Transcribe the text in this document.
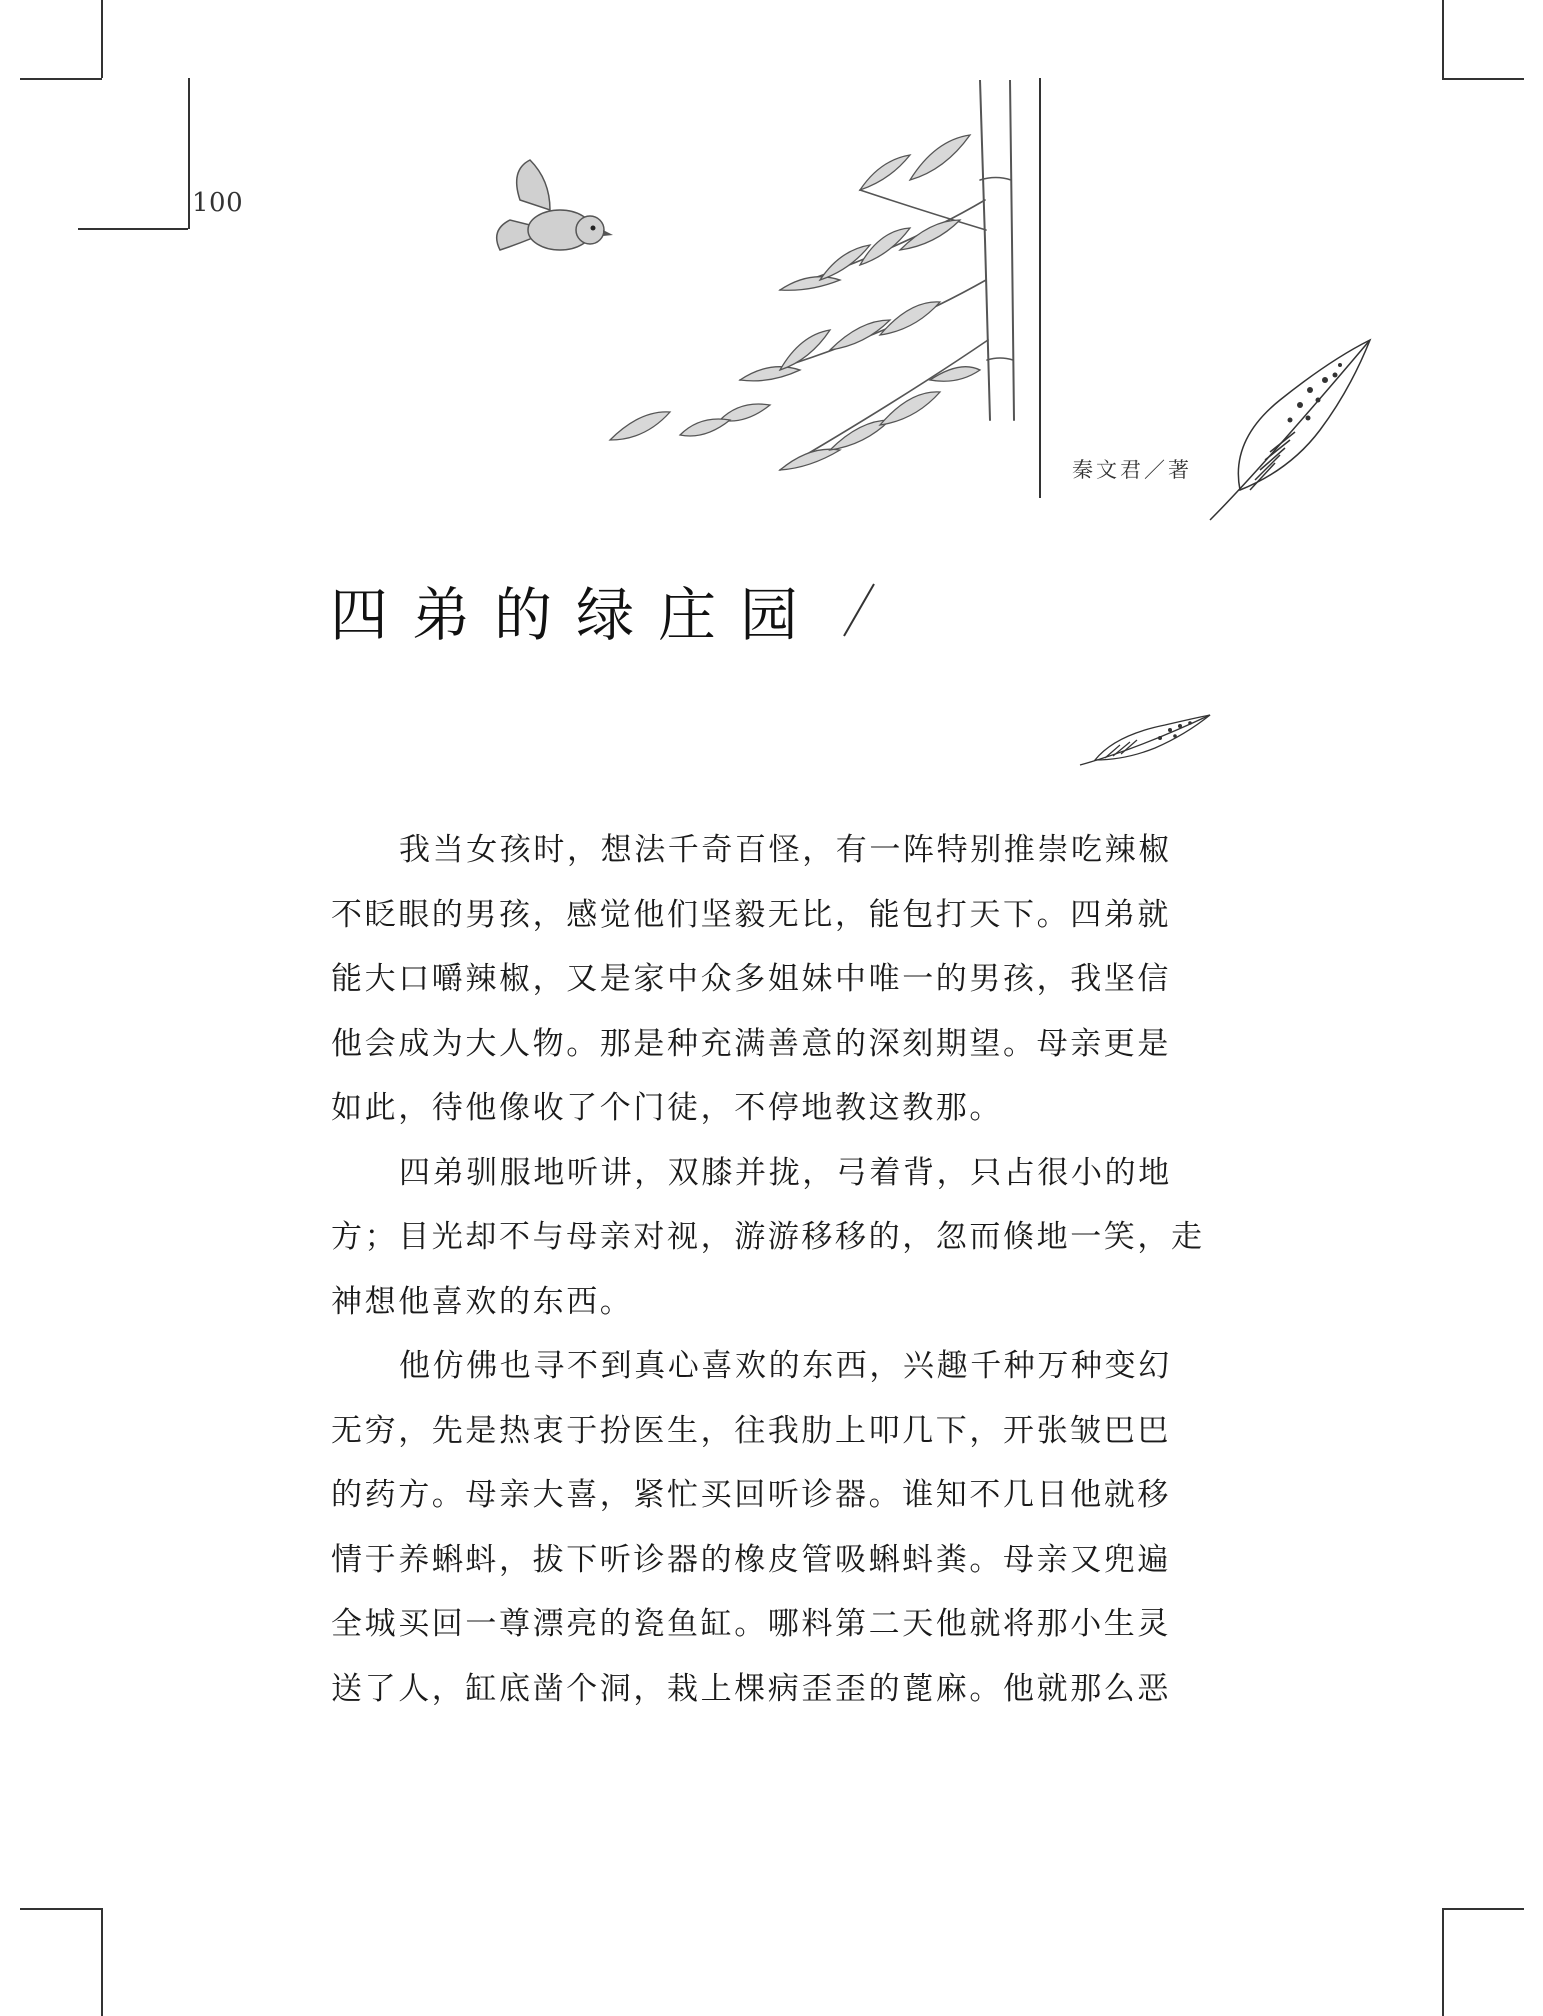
100
秦文君／著
四弟的绿庄园
我当女孩时，想法千奇百怪，有一阵特别推崇吃辣椒
不眨眼的男孩，感觉他们坚毅无比，能包打天下。四弟就
能大口嚼辣椒，又是家中众多姐妹中唯一的男孩，我坚信
他会成为大人物。那是种充满善意的深刻期望。母亲更是
如此，待他像收了个门徒，不停地教这教那。
四弟驯服地听讲，双膝并拢，弓着背，只占很小的地
方；目光却不与母亲对视，游游移移的，忽而倏地一笑，走
神想他喜欢的东西。
他仿佛也寻不到真心喜欢的东西，兴趣千种万种变幻
无穷，先是热衷于扮医生，往我肋上叩几下，开张皱巴巴
的药方。母亲大喜，紧忙买回听诊器。谁知不几日他就移
情于养蝌蚪，拔下听诊器的橡皮管吸蝌蚪粪。母亲又兜遍
全城买回一尊漂亮的瓷鱼缸。哪料第二天他就将那小生灵
送了人，缸底凿个洞，栽上棵病歪歪的蓖麻。他就那么恶
